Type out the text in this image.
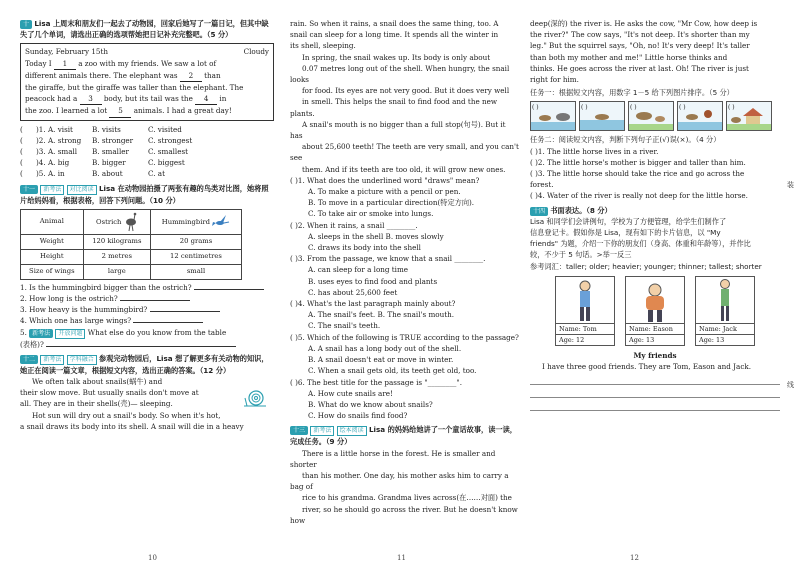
十 Lisa 上周末和朋友们一起去了动物园，回家后她写了一篇日记，但其中缺失了几个单词，请选出正确的选项帮她把日记补充完整吧。（5 分）

Sunday, February 15th	Cloudy

Today I 1 a zoo with my friends. We saw a lot of

different animals there. The elephant was 2 than

the giraffe, but the giraffe was taller than the elephant. The

peacock had a 3 body, but its tail was the 4 in

the zoo. I learned a lot 5 animals. I had a great day!

(	)1. A. visit	B. visits	C. visited

(	)2. A. strong	B. stronger	C. strongest

(	)3. A. small	B. smaller	C. smallest

(	)4. A. big	B. bigger	C. biggest

(	)5. A. in	B. about	C. at

十一 新考法 对比阅读 Lisa 在动物园拍摄了两张有趣的鸟类对比图，她将照片给妈妈看，根据表格，回答下列问题。（10 分）

Animal	Ostrich	Hummingbird
Weight	120 kilograms	20 grams
Height	2 metres	12 centimetres
Size of wings	large	small

1. Is the hummingbird bigger than the ostrich?

2. How long is the ostrich?

3. How heavy is the hummingbird?

4. Which one has large wings?

5. 新考法 开放问题 What else do you know from the table

(表格)?

十二 新考法 学科融合 参观完动物园后，Lisa 想了解更多有关动物的知识，她正在阅读一篇文章，根据短文内容，选出正确的答案。（12 分）

We often talk about snails(蜗牛) and

their slow move. But usually snails don't move at

all. They are in their shells(壳)— sleeping.

Hot sun will dry out a snail's body. So when it's hot,

a snail draws its body into its shell. A snail will die in a heavy

rain. So when it rains, a snail does the same thing, too. A

snail can sleep for a long time. It spends all the winter in

its shell, sleeping.

In spring, the snail wakes up. Its body is only about

0.07 metres long out of the shell. When hungry, the snail looks

for food. Its eyes are not very good. But it does very well

in smell. This helps the snail to find food and the new plants.

A snail's mouth is no bigger than a full stop(句号). But it has

about 25,600 teeth! The teeth are very small, and you can't see

them. And if its teeth are too old, it will grow new ones.

( )1. What does the underlined word "draws" mean?

A. To make a picture with a pencil or pen.

B. To move in a particular direction(特定方向).

C. To take air or smoke into lungs.

( )2. When it rains, a snail ________.

A. sleeps in the shell B. moves slowly

C. draws its body into the shell

( )3. From the passage, we know that a snail ________.

A. can sleep for a long time

B. uses eyes to find food and plants

C. has about 25,600 feet

( )4. What's the last paragraph mainly about?

A. The snail's feet. B. The snail's mouth.

C. The snail's teeth.

( )5. Which of the following is TRUE according to the passage?

A. A snail has a long body out of the shell.

B. A snail doesn't eat or move in winter.

C. When a snail gets old, its teeth get old, too.

( )6. The best title for the passage is "________".

A. How cute snails are!

B. What do we know about snails?

C. How do snails find food?

十三 新考法 绘本阅读 Lisa 的妈妈给她讲了一个童话故事，读一读，完成任务。（9 分）

There is a little horse in the forest. He is smaller and shorter

than his mother. One day, his mother asks him to carry a bag of

rice to his grandma. Grandma lives across(在……对面) the

river, so he should go across the river. But he doesn't know how

deep(深的) the river is. He asks the cow, "Mr Cow, how deep is

the river?" The cow says, "It's not deep. It's shorter than my

leg." But the squirrel says, "Oh, no! It's very deep! It's taller

than both my mother and me!" Little horse thinks and

thinks. He goes across the river at last. Oh! The river is just

right for him.

任务一：根据短文内容，用数字 1－5 给下列图片排序。（5 分）

( )	( )	( )	( )	( )

任务二：阅读短文内容，判断下列句子正(√)误(×)。（4 分）

( )1. The little horse lives in a river.

( )2. The little horse's mother is bigger and taller than him.

( )3. The little horse should take the rice and go across the

forest.

( )4. Water of the river is really not deep for the little horse.

十四 书面表达。（8 分）

Lisa 和同学们会讲例句，学校为了方便管理，给学生们制作了

信息登记卡。假如你是 Lisa，现有如下的卡片信息，以 "My

friends" 为题，介绍一下你的朋友们（身高、体重和年龄等），并作比

较，不少于 5 句话。>举一反三

参考词汇：taller; older; heavier; younger; thinner; tallest; shorter

Name: Tom
Age: 12
Name: Eason
Age: 13
Name: Jack
Age: 13

My friends

I have three good friends. They are Tom, Eason and Jack.

10	11	12
装
线
